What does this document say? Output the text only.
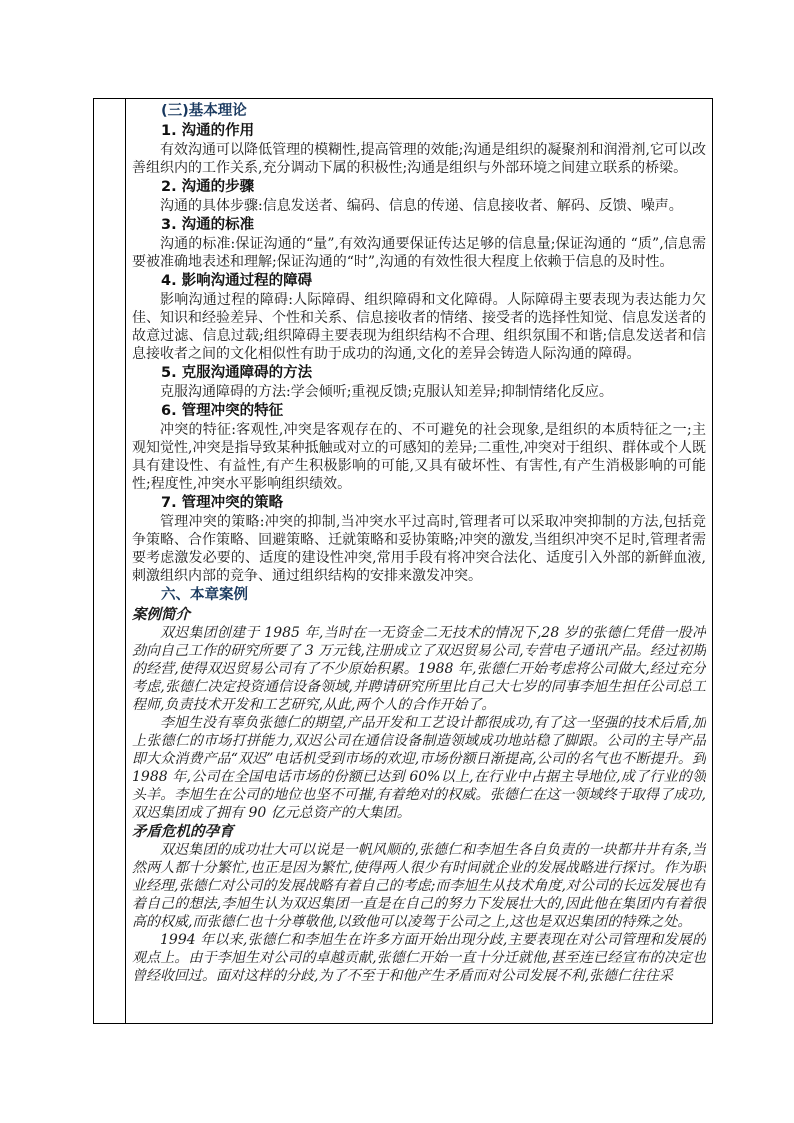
(三)基本理论
1. 沟通的作用
有效沟通可以降低管理的模糊性,提高管理的效能;沟通是组织的凝聚剂和润滑剂,它可以改善组织内的工作关系,充分调动下属的积极性;沟通是组织与外部环境之间建立联系的桥梁。
2. 沟通的步骤
沟通的具体步骤:信息发送者、编码、信息的传递、信息接收者、解码、反馈、噪声。
3. 沟通的标准
沟通的标准:保证沟通的“量”,有效沟通要保证传达足够的信息量;保证沟通的 “质”,信息需要被准确地表述和理解;保证沟通的“时”,沟通的有效性很大程度上依赖于信息的及时性。
4. 影响沟通过程的障碍
影响沟通过程的障碍:人际障碍、组织障碍和文化障碍。人际障碍主要表现为表达能力欠佳、知识和经验差异、个性和关系、信息接收者的情绪、接受者的选择性知觉、信息发送者的故意过滤、信息过载;组织障碍主要表现为组织结构不合理、组织氛围不和谐;信息发送者和信息接收者之间的文化相似性有助于成功的沟通,文化的差异会铸造人际沟通的障碍。
5. 克服沟通障碍的方法
克服沟通障碍的方法:学会倾听;重视反馈;克服认知差异;抑制情绪化反应。
6. 管理冲突的特征
冲突的特征:客观性,冲突是客观存在的、不可避免的社会现象,是组织的本质特征之一;主观知觉性,冲突是指导致某种抵触或对立的可感知的差异;二重性,冲突对于组织、群体或个人既具有建设性、有益性,有产生积极影响的可能,又具有破坏性、有害性,有产生消极影响的可能性;程度性,冲突水平影响组织绩效。
7. 管理冲突的策略
管理冲突的策略:冲突的抑制,当冲突水平过高时,管理者可以采取冲突抑制的方法,包括竞争策略、合作策略、回避策略、迁就策略和妥协策略;冲突的激发,当组织冲突不足时,管理者需要考虑激发必要的、适度的建设性冲突,常用手段有将冲突合法化、适度引入外部的新鲜血液,刺激组织内部的竞争、通过组织结构的安排来激发冲突。
六、本章案例
案例简介
双迟集团创建于 1985 年,当时在一无资金二无技术的情况下,28 岁的张德仁凭借一股冲劲向自己工作的研究所要了 3 万元钱,注册成立了双迟贸易公司,专营电子通讯产品。经过初期的经营,使得双迟贸易公司有了不少原始积累。1988 年,张德仁开始考虑将公司做大,经过充分考虑,张德仁决定投资通信设备领域,并聘请研究所里比自己大七岁的同事李旭生担任公司总工程师,负责技术开发和工艺研究,从此,两个人的合作开始了。
李旭生没有辜负张德仁的期望,产品开发和工艺设计都很成功,有了这一坚强的技术后盾,加上张德仁的市场打拼能力,双迟公司在通信设备制造领域成功地站稳了脚跟。公司的主导产品即大众消费产品“双迟”电话机受到市场的欢迎,市场份额日渐提高,公司的名气也不断提升。到 1988 年,公司在全国电话市场的份额已达到 60%以上,在行业中占据主导地位,成了行业的领头羊。李旭生在公司的地位也坚不可摧,有着绝对的权威。张德仁在这一领域终于取得了成功,双迟集团成了拥有 90 亿元总资产的大集团。
矛盾危机的孕育
双迟集团的成功壮大可以说是一帆风顺的,张德仁和李旭生各自负责的一块都井井有条,当然两人都十分繁忙,也正是因为繁忙,使得两人很少有时间就企业的发展战略进行探讨。作为职业经理,张德仁对公司的发展战略有着自己的考虑;而李旭生从技术角度,对公司的长远发展也有着自己的想法,李旭生认为双迟集团一直是在自己的努力下发展壮大的,因此他在集团内有着很高的权威,而张德仁也十分尊敬他,以致他可以凌驾于公司之上,这也是双迟集团的特殊之处。
1994 年以来,张德仁和李旭生在许多方面开始出现分歧,主要表现在对公司管理和发展的观点上。由于李旭生对公司的卓越贡献,张德仁开始一直十分迁就他,甚至连已经宣布的决定也曾经收回过。面对这样的分歧,为了不至于和他产生矛盾而对公司发展不利,张德仁往往采
